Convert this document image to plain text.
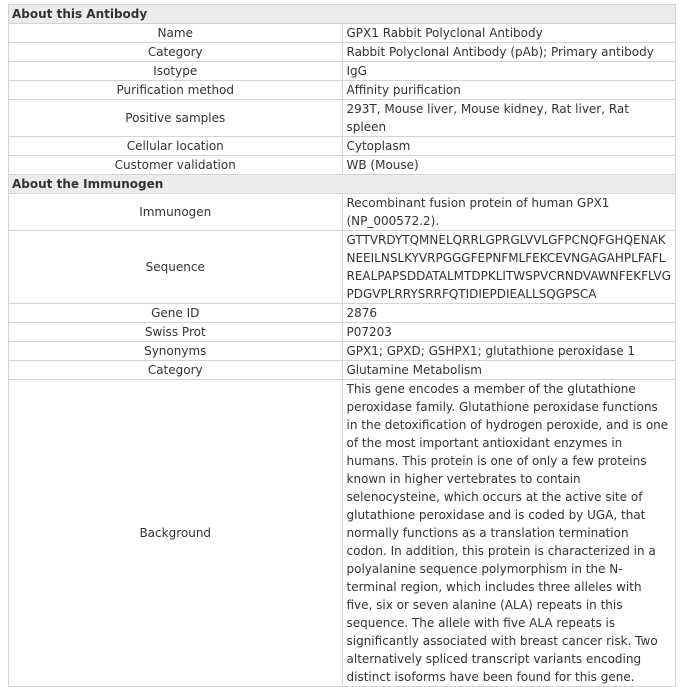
About this Antibody	
Name	GPX1 Rabbit Polyclonal Antibody
Category	Rabbit Polyclonal Antibody (pAb); Primary antibody
Isotype	IgG
Purification method	Affinity purification
Positive samples	293T, Mouse liver, Mouse kidney, Rat liver, Rat spleen
Cellular location	Cytoplasm
Customer validation	WB (Mouse)
About the Immunogen	
Immunogen	Recombinant fusion protein of human GPX1 (NP_000572.2).
Sequence	GTTVRDYTQMNELQRRLGPRGLVVLGFPCNQFGHQENAKNEEILNSLKYVRPGGGFEPNFMLFEKCEVNGAGAHPLFAFLREALPAPSDDATALMTDPKLITWSPVCRNDVAWNFEKFLVGPDGVPLRRYSRRFQTIDIEPDIEALLSQGPSCA
Gene ID	2876
Swiss Prot	P07203
Synonyms	GPX1; GPXD; GSHPX1; glutathione peroxidase 1
Category	Glutamine Metabolism
Background	This gene encodes a member of the glutathione peroxidase family. Glutathione peroxidase functions in the detoxification of hydrogen peroxide, and is one of the most important antioxidant enzymes in humans. This protein is one of only a few proteins known in higher vertebrates to contain selenocysteine, which occurs at the active site of glutathione peroxidase and is coded by UGA, that normally functions as a translation termination codon. In addition, this protein is characterized in a polyalanine sequence polymorphism in the N-terminal region, which includes three alleles with five, six or seven alanine (ALA) repeats in this sequence. The allele with five ALA repeats is significantly associated with breast cancer risk. Two alternatively spliced transcript variants encoding distinct isoforms have been found for this gene.
